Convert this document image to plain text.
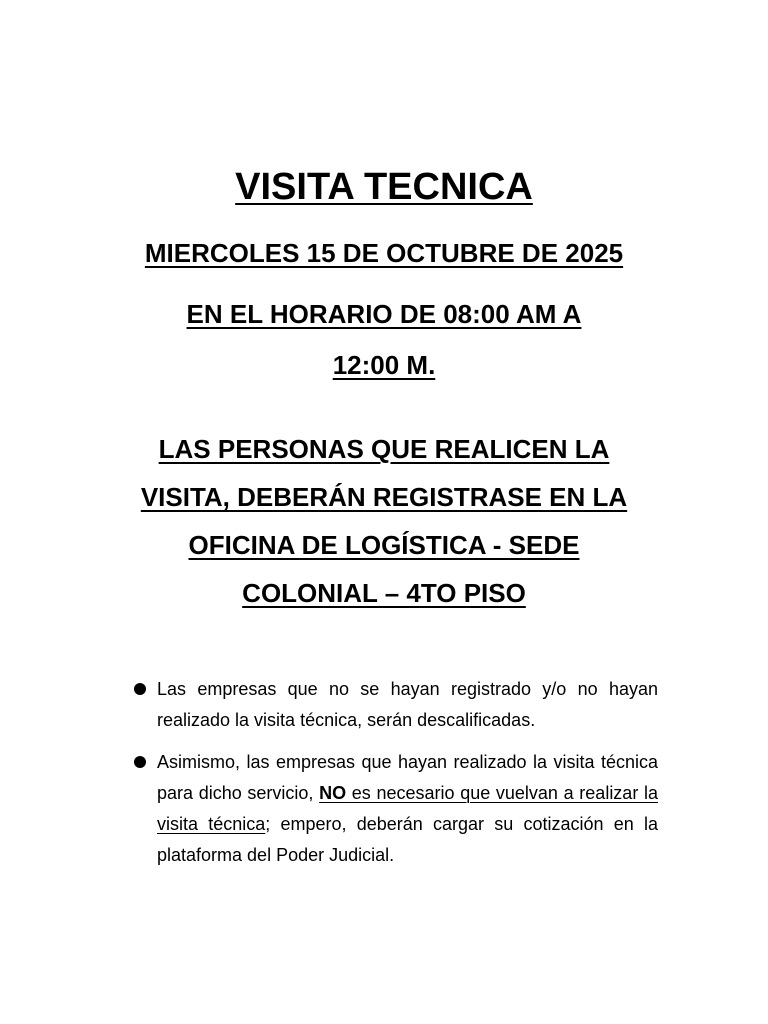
VISITA TECNICA
MIERCOLES 15 DE OCTUBRE DE 2025
EN EL HORARIO DE 08:00 AM A
12:00 M.
LAS PERSONAS QUE REALICEN LA
VISITA, DEBERÁN REGISTRASE EN LA
OFICINA DE LOGÍSTICA - SEDE
COLONIAL – 4TO PISO
Las empresas que no se hayan registrado y/o no hayan realizado la visita técnica, serán descalificadas.
Asimismo, las empresas que hayan realizado la visita técnica para dicho servicio, NO es necesario que vuelvan a realizar la visita técnica; empero, deberán cargar su cotización en la plataforma del Poder Judicial.
